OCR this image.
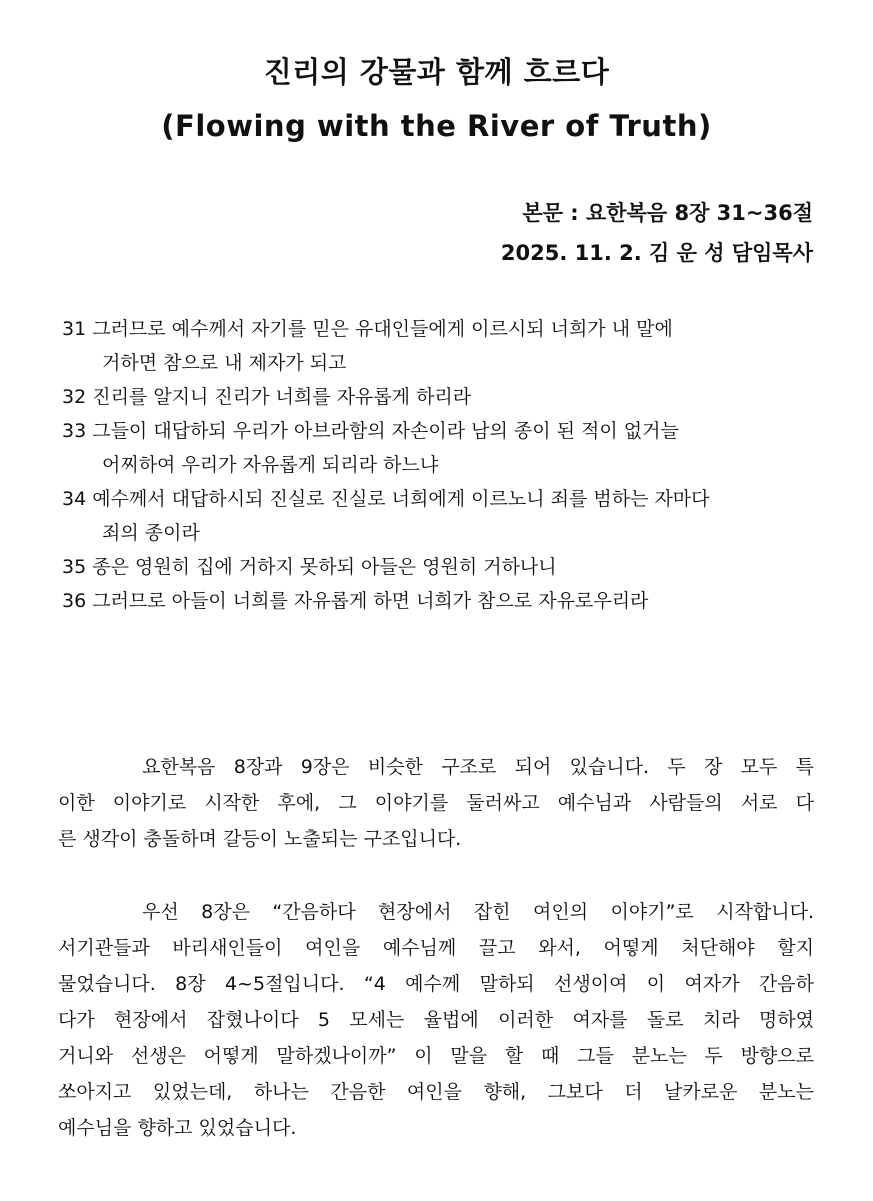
진리의 강물과 함께 흐르다
(Flowing with the River of Truth)
본문 : 요한복음 8장 31~36절
2025. 11. 2. 김 운 성 담임목사
31 그러므로 예수께서 자기를 믿은 유대인들에게 이르시되 너희가 내 말에
거하면 참으로 내 제자가 되고
32 진리를 알지니 진리가 너희를 자유롭게 하리라
33 그들이 대답하되 우리가 아브라함의 자손이라 남의 종이 된 적이 없거늘
어찌하여 우리가 자유롭게 되리라 하느냐
34 예수께서 대답하시되 진실로 진실로 너희에게 이르노니 죄를 범하는 자마다
죄의 종이라
35 종은 영원히 집에 거하지 못하되 아들은 영원히 거하나니
36 그러므로 아들이 너희를 자유롭게 하면 너희가 참으로 자유로우리라
요한복음 8장과 9장은 비슷한 구조로 되어 있습니다. 두 장 모두 특
이한 이야기로 시작한 후에, 그 이야기를 둘러싸고 예수님과 사람들의 서로 다
른 생각이 충돌하며 갈등이 노출되는 구조입니다.
우선 8장은 “간음하다 현장에서 잡힌 여인의 이야기”로 시작합니다.
서기관들과 바리새인들이 여인을 예수님께 끌고 와서, 어떻게 처단해야 할지
물었습니다. 8장 4~5절입니다. “4 예수께 말하되 선생이여 이 여자가 간음하
다가 현장에서 잡혔나이다 5 모세는 율법에 이러한 여자를 돌로 치라 명하였
거니와 선생은 어떻게 말하겠나이까” 이 말을 할 때 그들 분노는 두 방향으로
쏘아지고 있었는데, 하나는 간음한 여인을 향해, 그보다 더 날카로운 분노는
예수님을 향하고 있었습니다.
